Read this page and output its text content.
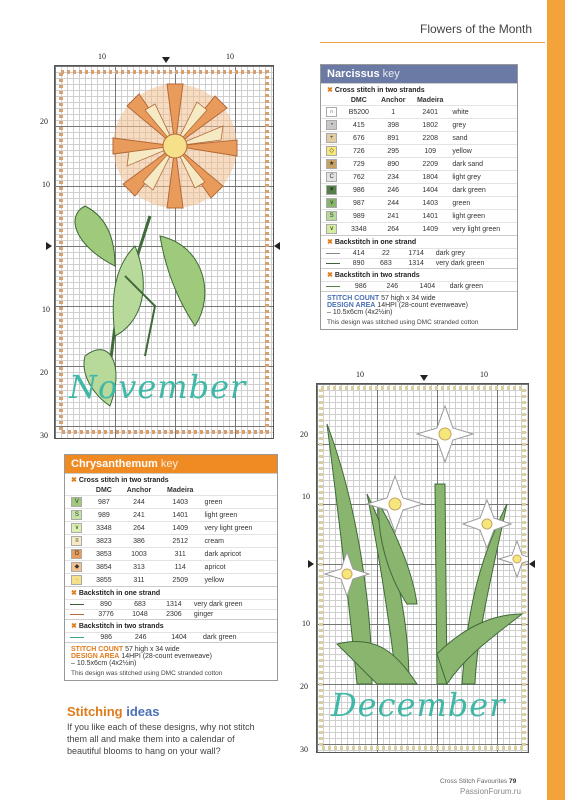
Flowers of the Month
10	10
20
10
10
20
30
November
Narcissus key
✖ Cross stitch in two strands
	DMC	Anchor	Madeira	
∩	B5200	1	2401	white
◔	415	398	1802	grey
+	676	891	2208	sand
◇	726	295	109	yellow
★	729	890	2209	dark sand
C	762	234	1804	light grey
▼	986	246	1404	dark green
∨	987	244	1403	green
S	989	241	1401	light green
∨	3348	264	1409	very light green
✖ Backstitch in one strand
	414	22	1714	dark grey
	890	683	1314	very dark green
✖ Backstitch in two strands
	986	246	1404	dark green
STITCH COUNT 57 high x 34 wide
DESIGN AREA 14HPI (28-count evenweave)
– 10.5x6cm (4x2½in)
This design was stitched using DMC stranded cotton
Chrysanthemum key
✖ Cross stitch in two strands
	DMC	Anchor	Madeira	
V	987	244	1403	green
S	989	241	1401	light green
∨	3348	264	1409	very light green
≡	3823	386	2512	cream
Ʊ	3853	1003	311	dark apricot
◆	3854	313	114	apricot
·	3855	311	2509	yellow
✖ Backstitch in one strand
	890	683	1314	very dark green
	3776	1048	2306	ginger
✖ Backstitch in two strands
	986	246	1404	dark green
STITCH COUNT 57 high x 34 wide
DESIGN AREA 14HPI (28-count evenweave)
– 10.5x6cm (4x2½in)
This design was stitched using DMC stranded cotton
10	10
20
10
10
20
30
December
Stitching ideas
If you like each of these designs, why not stitch them all and make them into a calendar of beautiful blooms to hang on your wall?
Cross Stitch Favourites 79
PassionForum.ru
